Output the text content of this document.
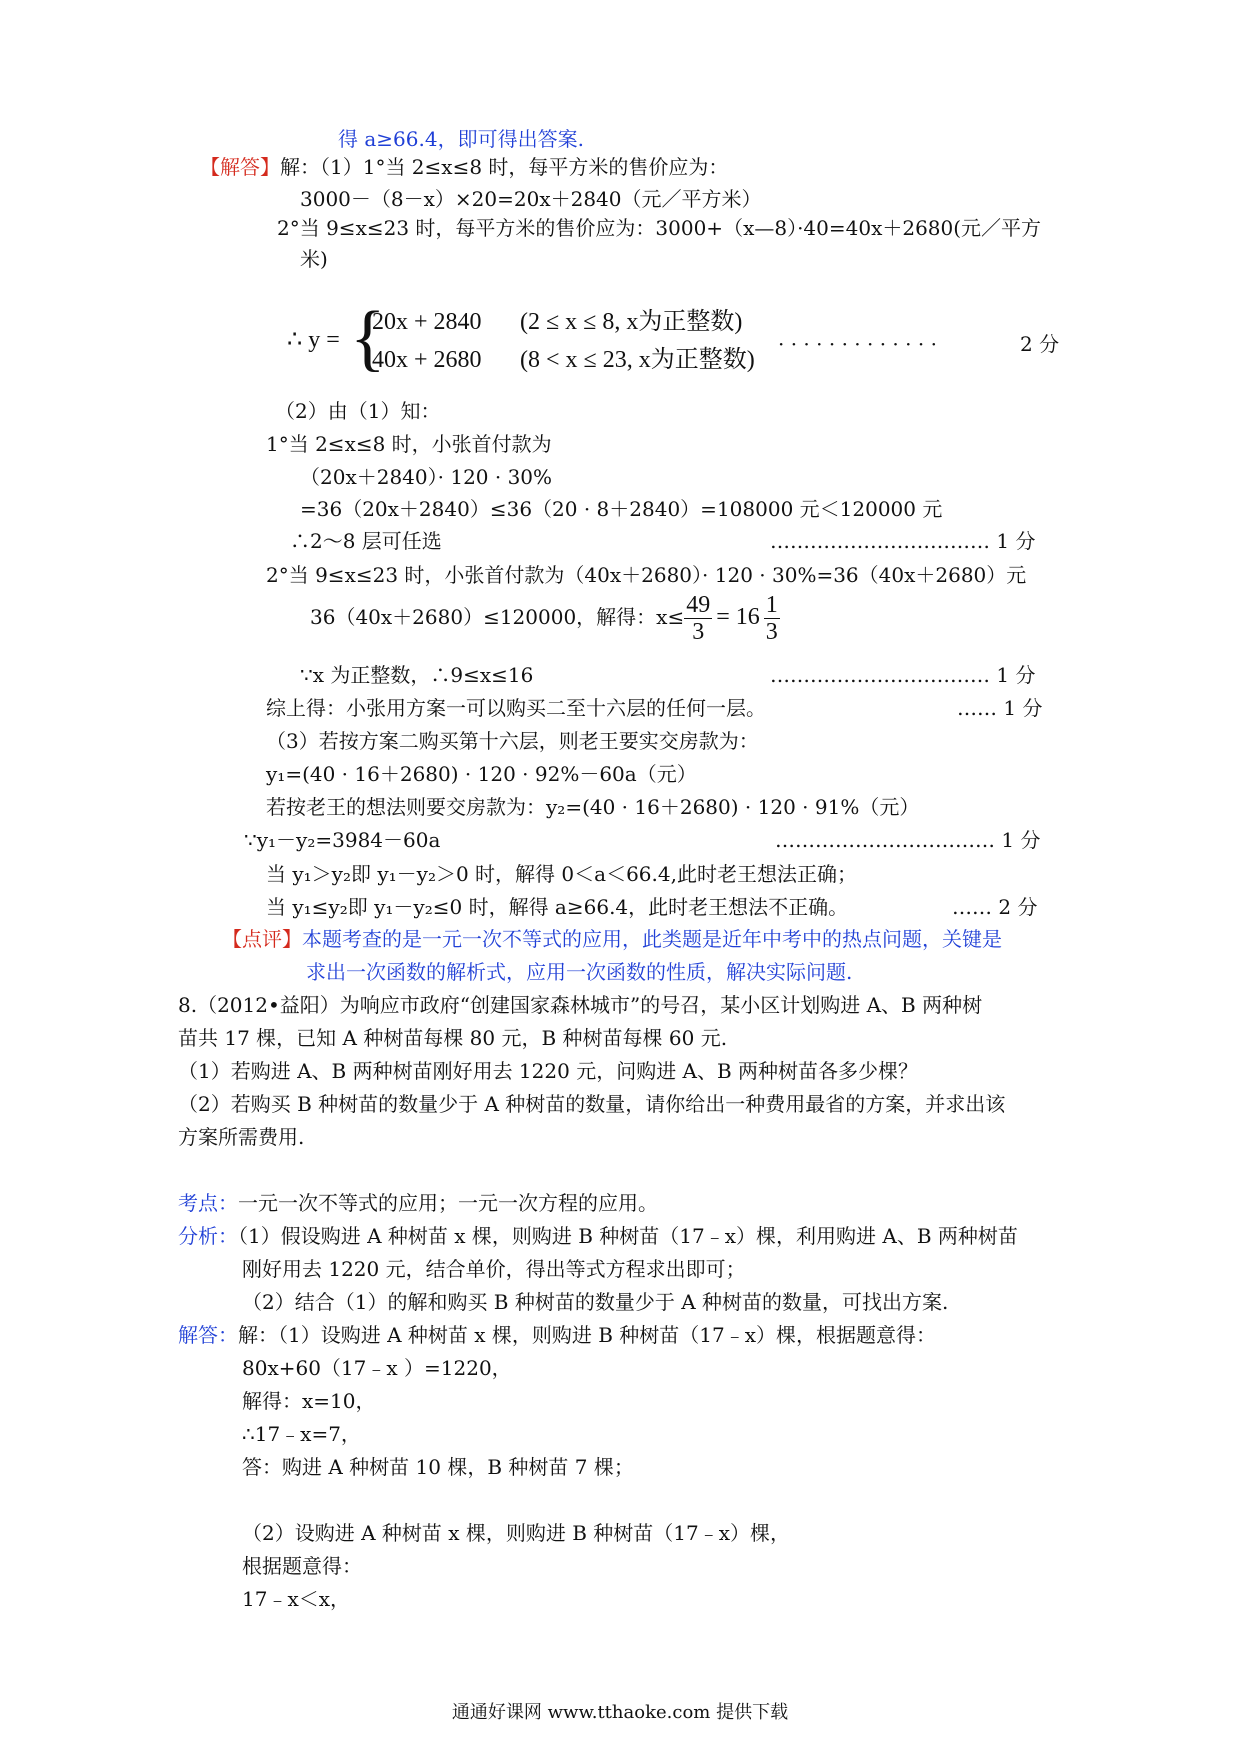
得 a≥66.4，即可得出答案.
【解答】解：（1）1°当 2≤x≤8 时，每平方米的售价应为：
3000－（8－x）×20=20x＋2840（元／平方米）
2°当 9≤x≤23 时，每平方米的售价应为：3000+（x—8）·40=40x＋2680(元／平方
米)
∴ y = {
20x + 2840 (2 ≤ x ≤ 8, x为正整数)
40x + 2680 (8 < x ≤ 23, x为正整数)
· · · · · · · · · · · · ·	2 分
（2）由（1）知：
1°当 2≤x≤8 时，小张首付款为
（20x＋2840）· 120 · 30%
=36（20x＋2840）≤36（20 · 8＋2840）=108000 元＜120000 元
∴2～8 层可任选	…………………………… 1 分
2°当 9≤x≤23 时，小张首付款为（40x＋2680）· 120 · 30%=36（40x＋2680）元
36（40x＋2680）≤120000，解得：$x\le \frac{49}{3} = 16 \frac{1}{3}$
∵x 为正整数，∴9≤x≤16	…………………………… 1 分
综上得：小张用方案一可以购买二至十六层的任何一层。	…… 1 分
（3）若按方案二购买第十六层，则老王要实交房款为：
y₁=(40 · 16＋2680) · 120 · 92%－60a（元）
若按老王的想法则要交房款为：y₂=(40 · 16＋2680) · 120 · 91%（元）
∵y₁－y₂=3984－60a	…………………………… 1 分
当 y₁＞y₂即 y₁－y₂＞0 时，解得 0＜a＜66.4,此时老王想法正确；
当 y₁≤y₂即 y₁－y₂≤0 时，解得 a≥66.4，此时老王想法不正确。	…… 2 分
【点评】本题考查的是一元一次不等式的应用，此类题是近年中考中的热点问题，关键是
求出一次函数的解析式，应用一次函数的性质，解决实际问题.
8.（2012•益阳）为响应市政府“创建国家森林城市”的号召，某小区计划购进 A、B 两种树
苗共 17 棵，已知 A 种树苗每棵 80 元，B 种树苗每棵 60 元.
（1）若购进 A、B 两种树苗刚好用去 1220 元，问购进 A、B 两种树苗各多少棵？
（2）若购买 B 种树苗的数量少于 A 种树苗的数量，请你给出一种费用最省的方案，并求出该
方案所需费用.
考点：一元一次不等式的应用；一元一次方程的应用。
分析：（1）假设购进 A 种树苗 x 棵，则购进 B 种树苗（17﹣x）棵，利用购进 A、B 两种树苗
刚好用去 1220 元，结合单价，得出等式方程求出即可；
（2）结合（1）的解和购买 B 种树苗的数量少于 A 种树苗的数量，可找出方案.
解答：解：（1）设购进 A 种树苗 x 棵，则购进 B 种树苗（17﹣x）棵，根据题意得：
80x+60（17﹣x ）=1220，
解得：x=10，
∴17﹣x=7，
答：购进 A 种树苗 10 棵，B 种树苗 7 棵；
（2）设购进 A 种树苗 x 棵，则购进 B 种树苗（17﹣x）棵，
根据题意得：
17﹣x＜x，
通通好课网 www.tthaoke.com 提供下载
